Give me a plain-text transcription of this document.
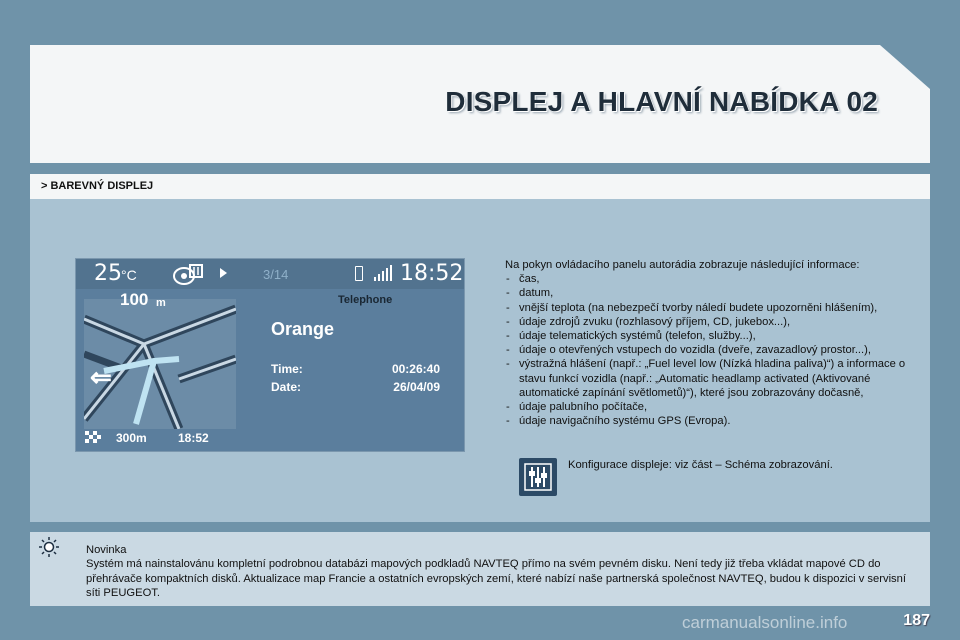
DISPLEJ A HLAVNÍ NABÍDKA 02
> BAREVNÝ DISPLEJ
25 °C	3/14	18:52
100 m
⇐
300m	18:52
Telephone
Orange
Time:	00:26:40
Date:	26/04/09

Na pokyn ovládacího panelu autorádia zobrazuje následující informace:

- čas,
- datum,
- vnější teplota (na nebezpečí tvorby náledí budete upozorněni hlášením),
- údaje zdrojů zvuku (rozhlasový příjem, CD, jukebox...),
- údaje telematických systémů (telefon, služby...),
- údaje o otevřených vstupech do vozidla (dveře, zavazadlový prostor...),
- výstražná hlášení (např.: „Fuel level low (Nízká hladina paliva)“) a informace o stavu funkcí vozidla (např.: „Automatic headlamp activated (Aktivované automatické zapínání světlometů)“), které jsou zobrazovány dočasně,
- údaje palubního počítače,
- údaje navigačního systému GPS (Evropa).
Konfigurace displeje: viz část – Schéma zobrazování.
Novinka
Systém má nainstalovánu kompletní podrobnou databázi mapových podkladů NAVTEQ přímo na svém pevném disku. Není tedy již třeba vkládat mapové CD do přehrávače kompaktních disků. Aktualizace map Francie a ostatních evropských zemí, které nabízí naše partnerská společnost NAVTEQ, budou k dispozici v servisní síti PEUGEOT.
carmanualsonline.info	187
